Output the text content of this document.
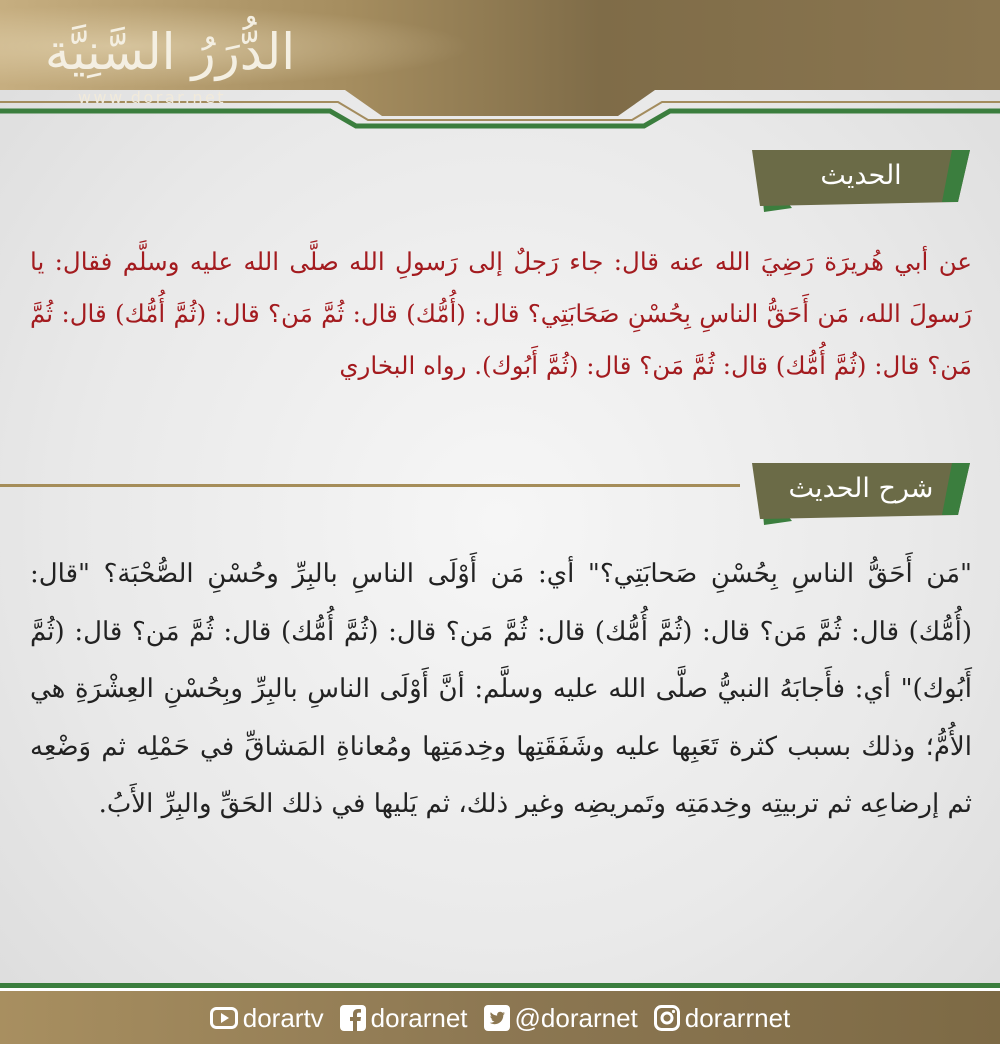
الدُّرَرُ السَّنِيَّة
www.dorar.net
الحديث
عن أبي هُريرَة رَضِيَ الله عنه قال: جاء رَجلٌ إلى رَسولِ الله صلَّى الله عليه وسلَّم فقال: يا رَسولَ الله، مَن أَحَقُّ الناسِ بِحُسْنِ صَحَابَتِي؟ قال: (أُمُّك) قال: ثُمَّ مَن؟ قال: (ثُمَّ أُمُّك) قال: ثُمَّ مَن؟ قال: (ثُمَّ أُمُّك) قال: ثُمَّ مَن؟ قال: (ثُمَّ أَبُوك). رواه البخاري
شرح الحديث
"مَن أَحَقُّ الناسِ بِحُسْنِ صَحابَتِي؟" أي: مَن أَوْلَى الناسِ بالبِرِّ وحُسْنِ الصُّحْبَة؟ "قال: (أُمُّك) قال: ثُمَّ مَن؟ قال: (ثُمَّ أُمُّك) قال: ثُمَّ مَن؟ قال: (ثُمَّ أُمُّك) قال: ثُمَّ مَن؟ قال: (ثُمَّ أَبُوك)" أي: فأَجابَهُ النبيُّ صلَّى الله عليه وسلَّم: أنَّ أَوْلَى الناسِ بالبِرِّ وبِحُسْنِ العِشْرَةِ هي الأُمُّ؛ وذلك بسبب كثرة تَعَبِها عليه وشَفَقَتِها وخِدمَتِها ومُعاناةِ المَشاقِّ في حَمْلِه ثم وَضْعِه ثم إرضاعِه ثم تربيتِه وخِدمَتِه وتَمريضِه وغير ذلك، ثم يَليها في ذلك الحَقِّ والبِرِّ الأَبُ.
dorartv dorarnet @dorarnet dorarrnet
